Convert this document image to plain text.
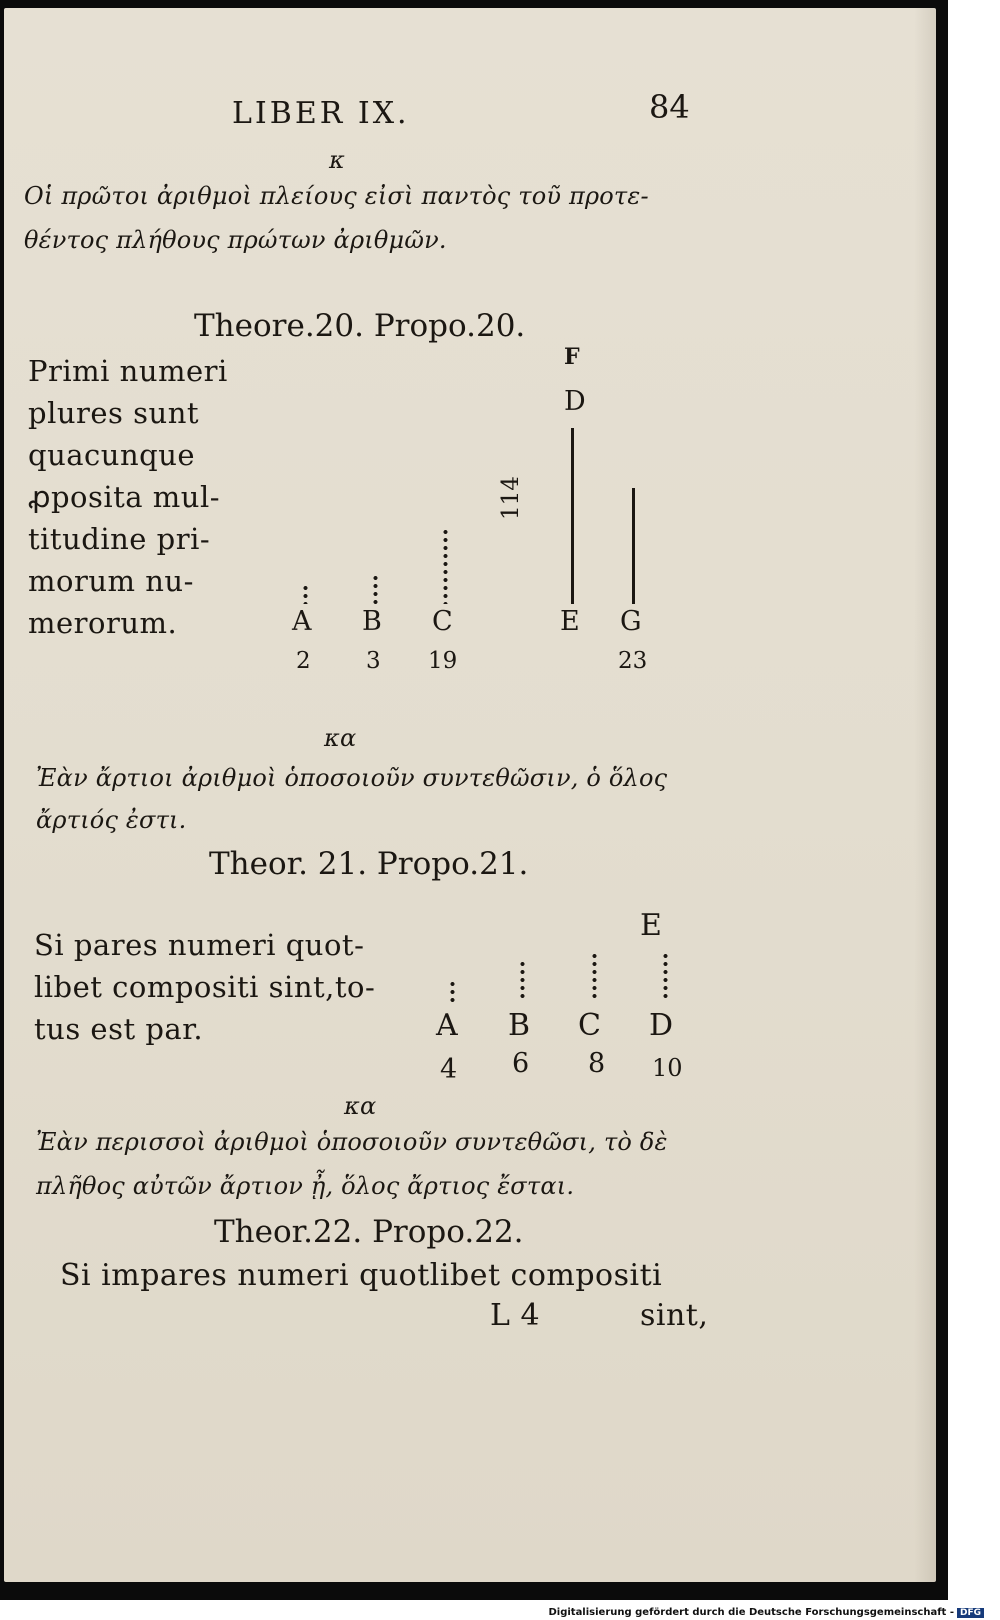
LIBER IX.	84
κ
Οἱ πρῶτοι ἀριθμοὶ πλείους εἰσὶ παντὸς τοῦ προτε-
θέντος πλήθους πρώτων ἀριθμῶν.
Theore.20. Propo.20.
Primi numeri
plures sunt
quacunque
ꝓposita mul-
titudine pri-
morum nu-
merorum.
F
D
114
A B C	E G
2 3 19	23
κα
Ἐὰν ἄρτιοι ἀριθμοὶ ὁποσοιοῦν συντεθῶσιν, ὁ ὅλος
ἄρτιός ἐστι.
Theor. 21. Propo.21.
Si pares numeri quot-
libet compositi sint,to-
tus est par.
E
A B C D
4 6 8 10
κα
Ἐὰν περισσοὶ ἀριθμοὶ ὁποσοιοῦν συντεθῶσι, τὸ δὲ
πλῆθος αὐτῶν ἄρτιον ᾖ, ὅλος ἄρτιος ἔσται.
Theor.22. Propo.22.
Si impares numeri quotlibet compositi
L 4	sint,
Digitalisierung gefördert durch die Deutsche Forschungsgemeinschaft - DFG
